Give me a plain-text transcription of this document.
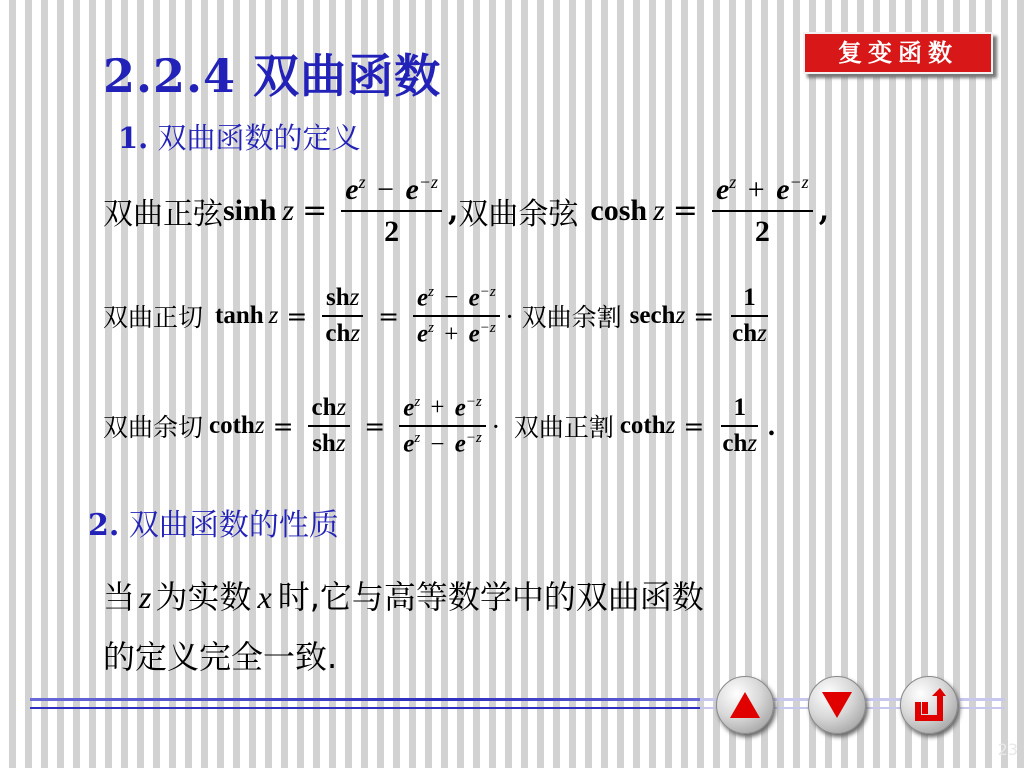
2.2.4 双曲函数	复变函数
1. 双曲函数的定义
双曲正弦 $\sinh z = \frac{e^z - e^{-z}}{2}$ , 双曲余弦 $\cosh z = \frac{e^z + e^{-z}}{2}$ ,
双曲正切 $\tanh z = \frac{\text{shz}}{\text{chz}} = \frac{e^z - e^{-z}}{e^z + e^{-z}}$ · 双曲余割 sech $z = \frac{1}{\text{chz}}$
双曲余切 coth $z = \frac{\text{chz}}{\text{shz}} = \frac{e^z + e^{-z}}{e^z - e^{-z}}$ · 双曲正割 coth $z = \frac{1}{\text{chz}}$ .
2. 双曲函数的性质
当 z 为实数 x 时,它与高等数学中的双曲函数
的定义完全一致.
23
